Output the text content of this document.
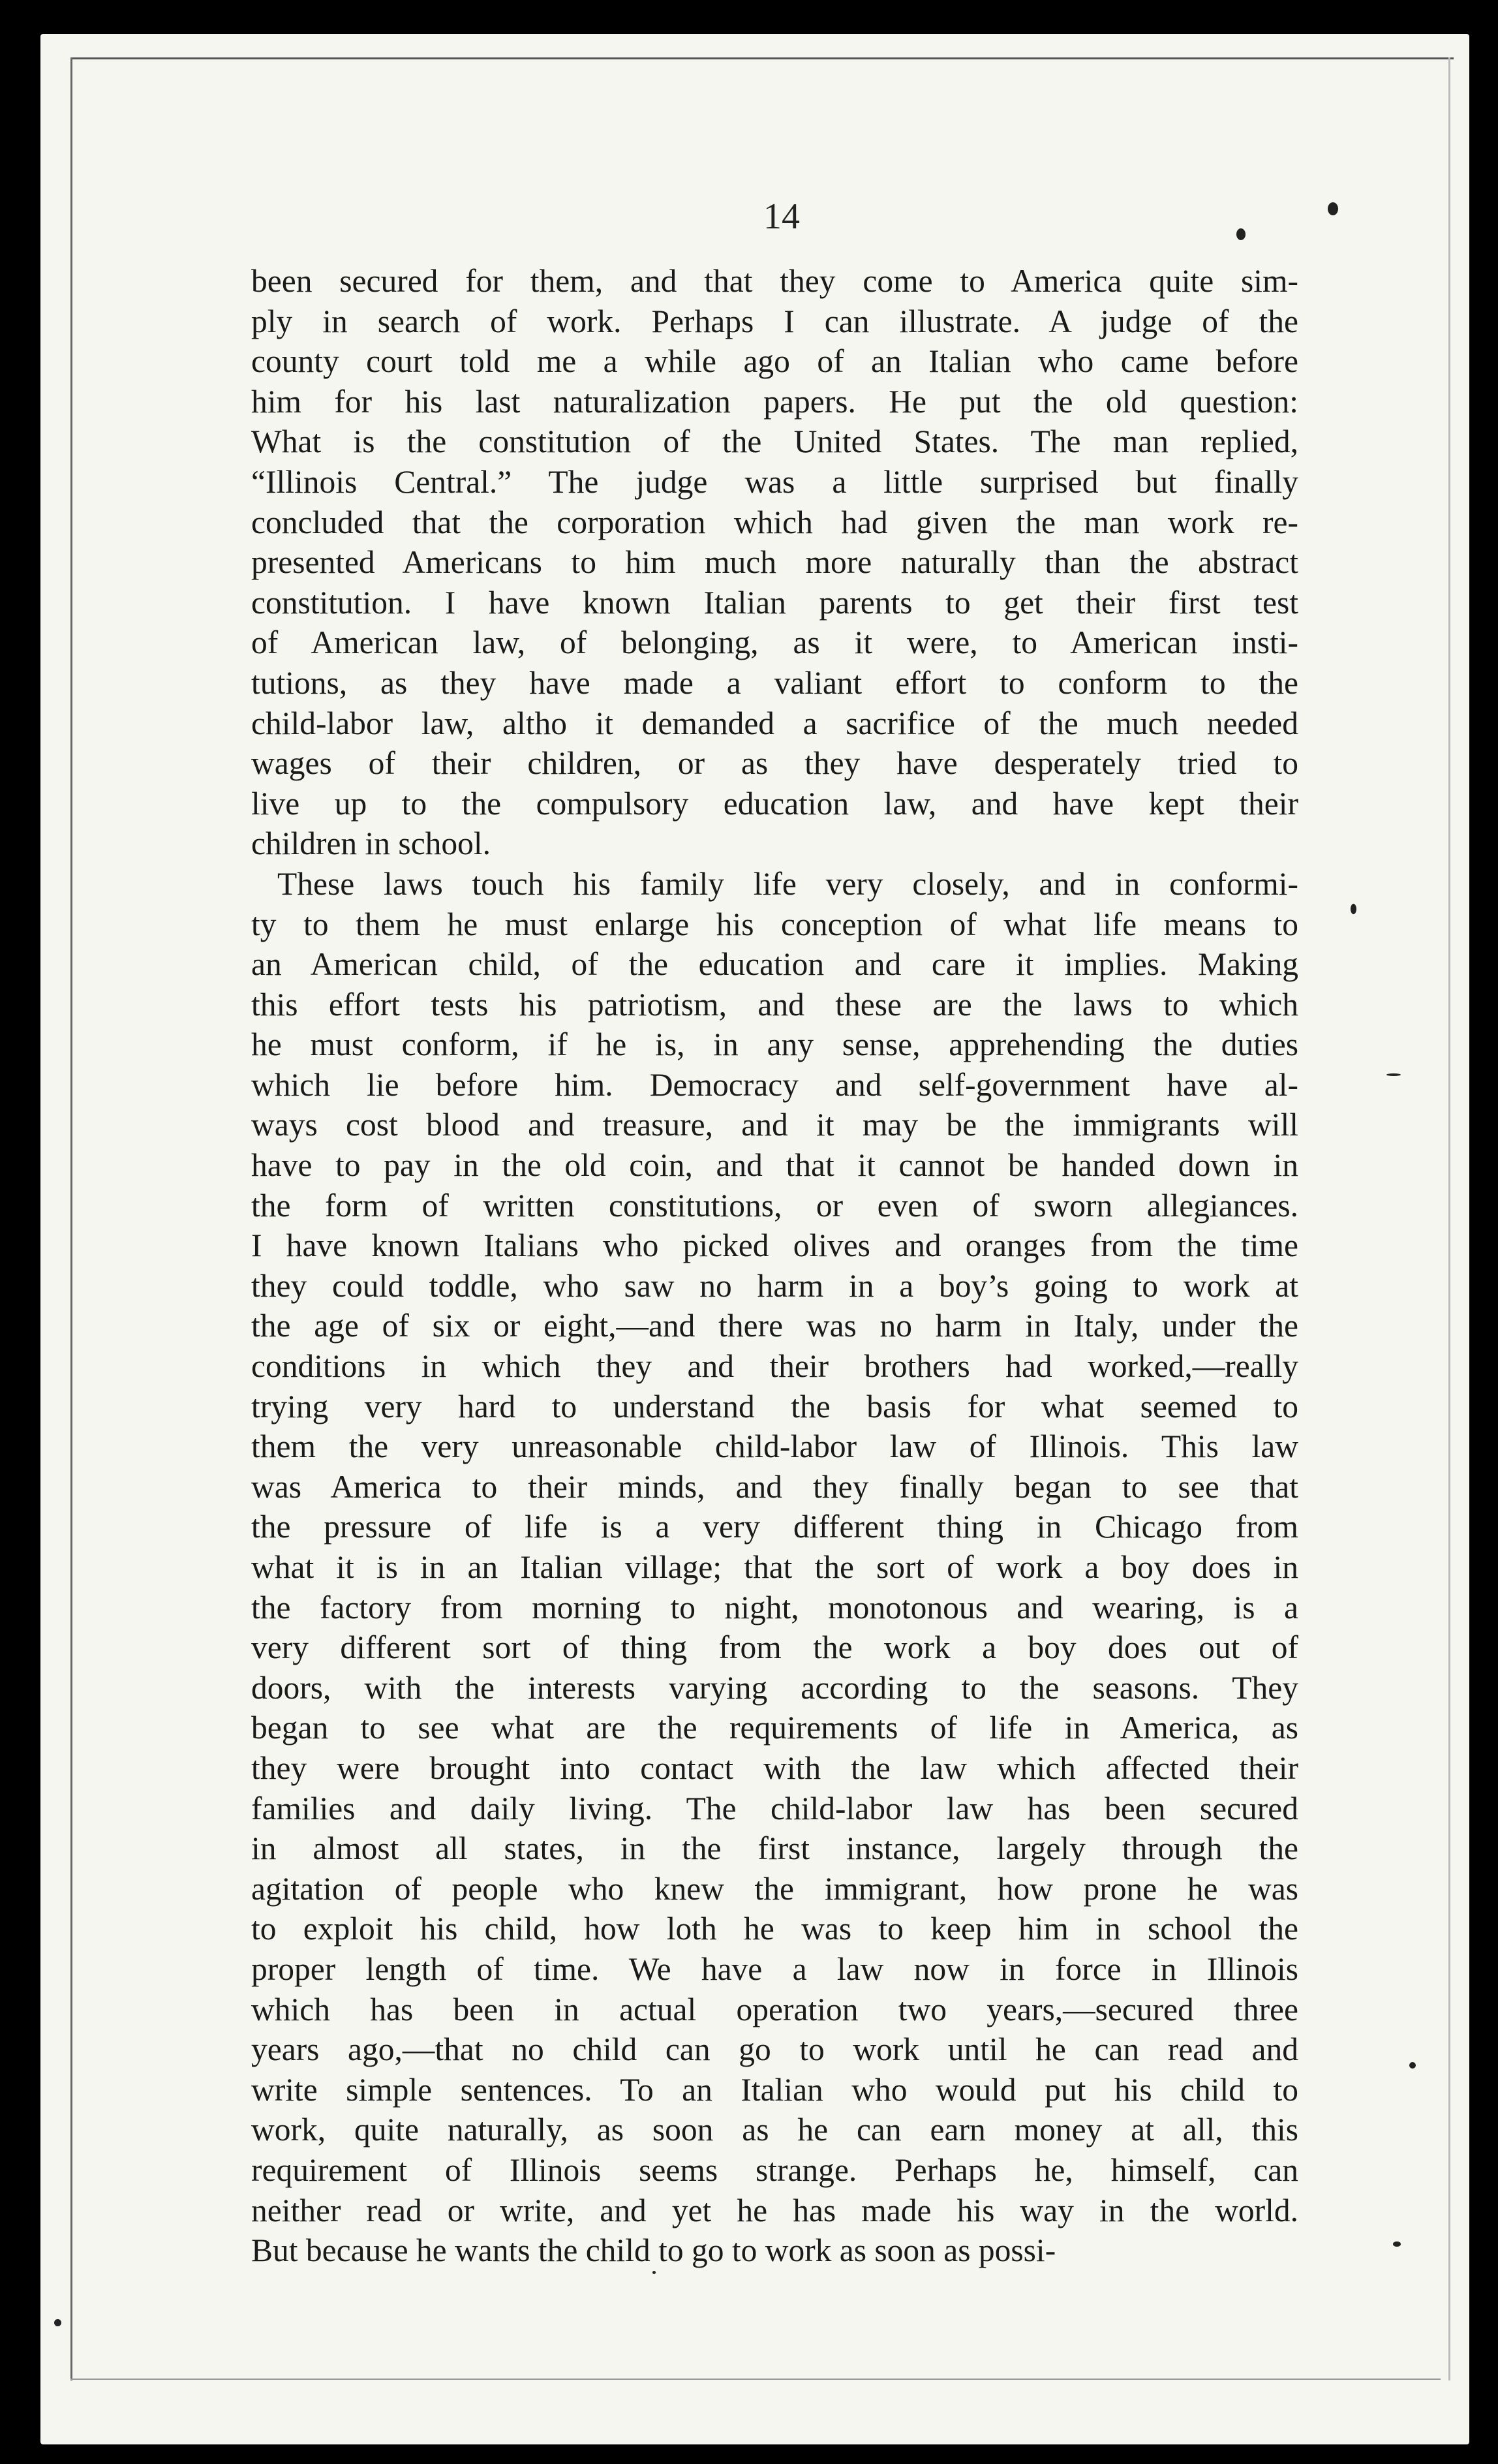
14
been secured for them, and that they come to America quite sim-
ply in search of work. Perhaps I can illustrate. A judge of the
county court told me a while ago of an Italian who came before
him for his last naturalization papers. He put the old question:
What is the constitution of the United States. The man replied,
“Illinois Central.” The judge was a little surprised but finally
concluded that the corporation which had given the man work re-
presented Americans to him much more naturally than the abstract
constitution. I have known Italian parents to get their first test
of American law, of belonging, as it were, to American insti-
tutions, as they have made a valiant effort to conform to the
child-labor law, altho it demanded a sacrifice of the much needed
wages of their children, or as they have desperately tried to
live up to the compulsory education law, and have kept their
children in school.
These laws touch his family life very closely, and in conformi-
ty to them he must enlarge his conception of what life means to
an American child, of the education and care it implies. Making
this effort tests his patriotism, and these are the laws to which
he must conform, if he is, in any sense, apprehending the duties
which lie before him. Democracy and self-government have al-
ways cost blood and treasure, and it may be the immigrants will
have to pay in the old coin, and that it cannot be handed down in
the form of written constitutions, or even of sworn allegiances.
I have known Italians who picked olives and oranges from the time
they could toddle, who saw no harm in a boy’s going to work at
the age of six or eight,—and there was no harm in Italy, under the
conditions in which they and their brothers had worked,—really
trying very hard to understand the basis for what seemed to
them the very unreasonable child-labor law of Illinois. This law
was America to their minds, and they finally began to see that
the pressure of life is a very different thing in Chicago from
what it is in an Italian village; that the sort of work a boy does in
the factory from morning to night, monotonous and wearing, is a
very different sort of thing from the work a boy does out of
doors, with the interests varying according to the seasons. They
began to see what are the requirements of life in America, as
they were brought into contact with the law which affected their
families and daily living. The child-labor law has been secured
in almost all states, in the first instance, largely through the
agitation of people who knew the immigrant, how prone he was
to exploit his child, how loth he was to keep him in school the
proper length of time. We have a law now in force in Illinois
which has been in actual operation two years,—secured three
years ago,—that no child can go to work until he can read and
write simple sentences. To an Italian who would put his child to
work, quite naturally, as soon as he can earn money at all, this
requirement of Illinois seems strange. Perhaps he, himself, can
neither read or write, and yet he has made his way in the world.
But because he wants the child to go to work as soon as possi-
